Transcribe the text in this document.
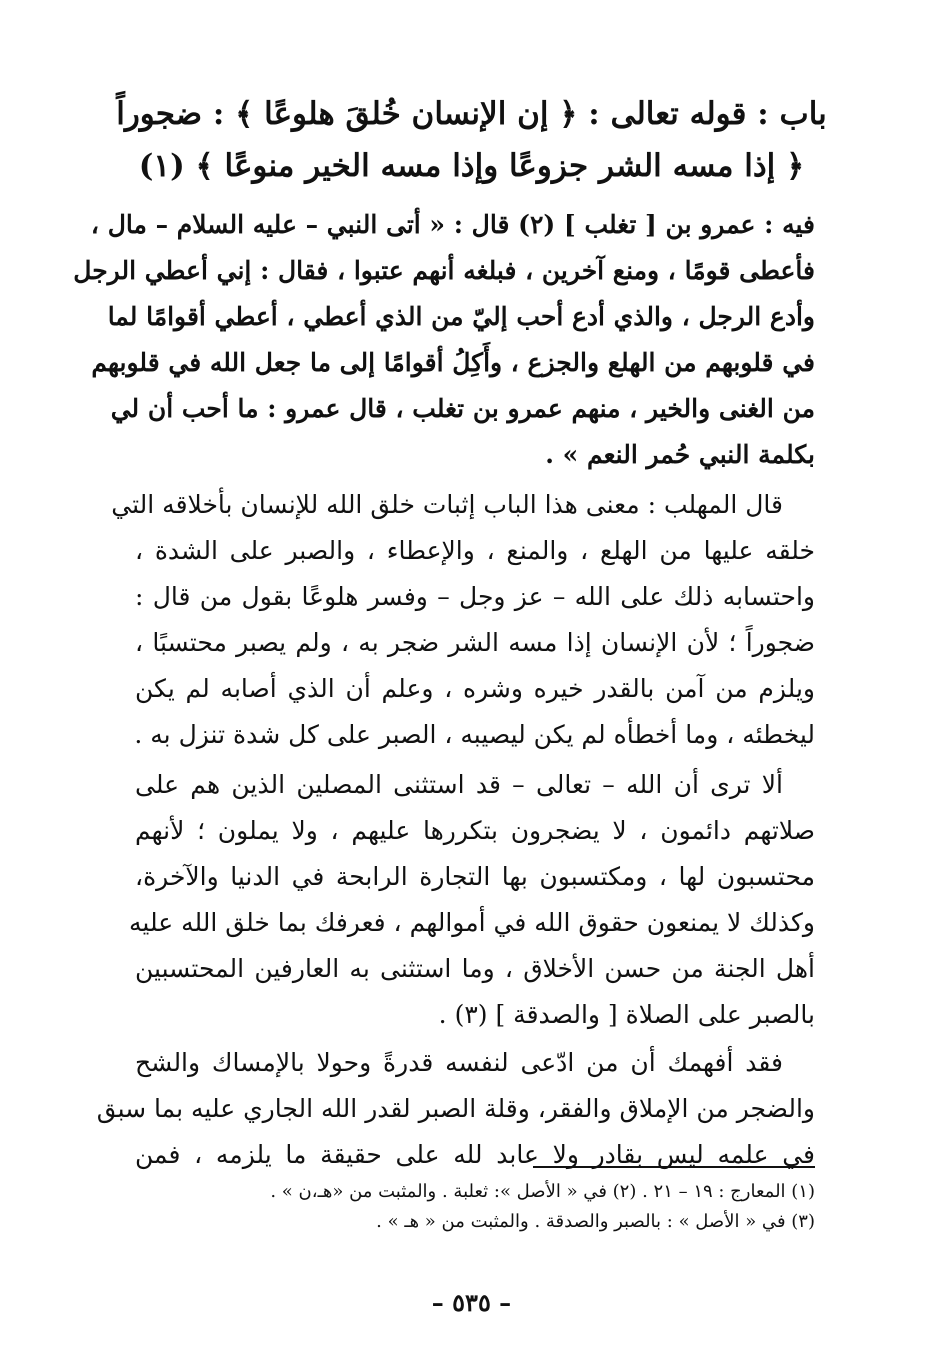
باب : قوله تعالى : ﴿ إن الإنسان خُلقَ هلوعًا ﴾ : ضجوراً
﴿ إذا مسه الشر جزوعًا وإذا مسه الخير منوعًا ﴾ (١)
فيه : عمرو بن [ تغلب ] (٢) قال : « أتى النبي – عليه السلام – مال ،
فأعطى قومًا ، ومنع آخرين ، فبلغه أنهم عتبوا ، فقال : إني أعطي الرجل
وأدع الرجل ، والذي أدع أحب إليّ من الذي أعطي ، أعطي أقوامًا لما
في قلوبهم من الهلع والجزع ، وأَكِلُ أقوامًا إلى ما جعل الله في قلوبهم
من الغنى والخير ، منهم عمرو بن تغلب ، قال عمرو : ما أحب أن لي
بكلمة النبي حُمر النعم » .
قال المهلب : معنى هذا الباب إثبات خلق الله للإنسان بأخلاقه التي
خلقه عليها من الهلع ، والمنع ، والإعطاء ، والصبر على الشدة ،
واحتسابه ذلك على الله – عز وجل – وفسر هلوعًا بقول من قال :
ضجوراً ؛ لأن الإنسان إذا مسه الشر ضجر به ، ولم يصبر محتسبًا ،
ويلزم من آمن بالقدر خيره وشره ، وعلم أن الذي أصابه لم يكن
ليخطئه ، وما أخطأه لم يكن ليصيبه ، الصبر على كل شدة تنزل به .
ألا ترى أن الله – تعالى – قد استثنى المصلين الذين هم على
صلاتهم دائمون ، لا يضجرون بتكررها عليهم ، ولا يملون ؛ لأنهم
محتسبون لها ، ومكتسبون بها التجارة الرابحة في الدنيا والآخرة،
وكذلك لا يمنعون حقوق الله في أموالهم ، فعرفك بما خلق الله عليه
أهل الجنة من حسن الأخلاق ، وما استثنى به العارفين المحتسبين
بالصبر على الصلاة [ والصدقة ] (٣) .
فقد أفهمك أن من ادّعى لنفسه قدرةً وحولا بالإمساك والشح
والضجر من الإملاق والفقر، وقلة الصبر لقدر الله الجاري عليه بما سبق
في علمه ليس بقادر ولا عابد لله على حقيقة ما يلزمه ، فمن
(١) المعارج : ١٩ – ٢١ . (٢) في « الأصل »: ثعلبة . والمثبت من «هـ،ن » .
(٣) في « الأصل » : بالصبر والصدقة . والمثبت من « هـ » .
– ٥٣٥ –
